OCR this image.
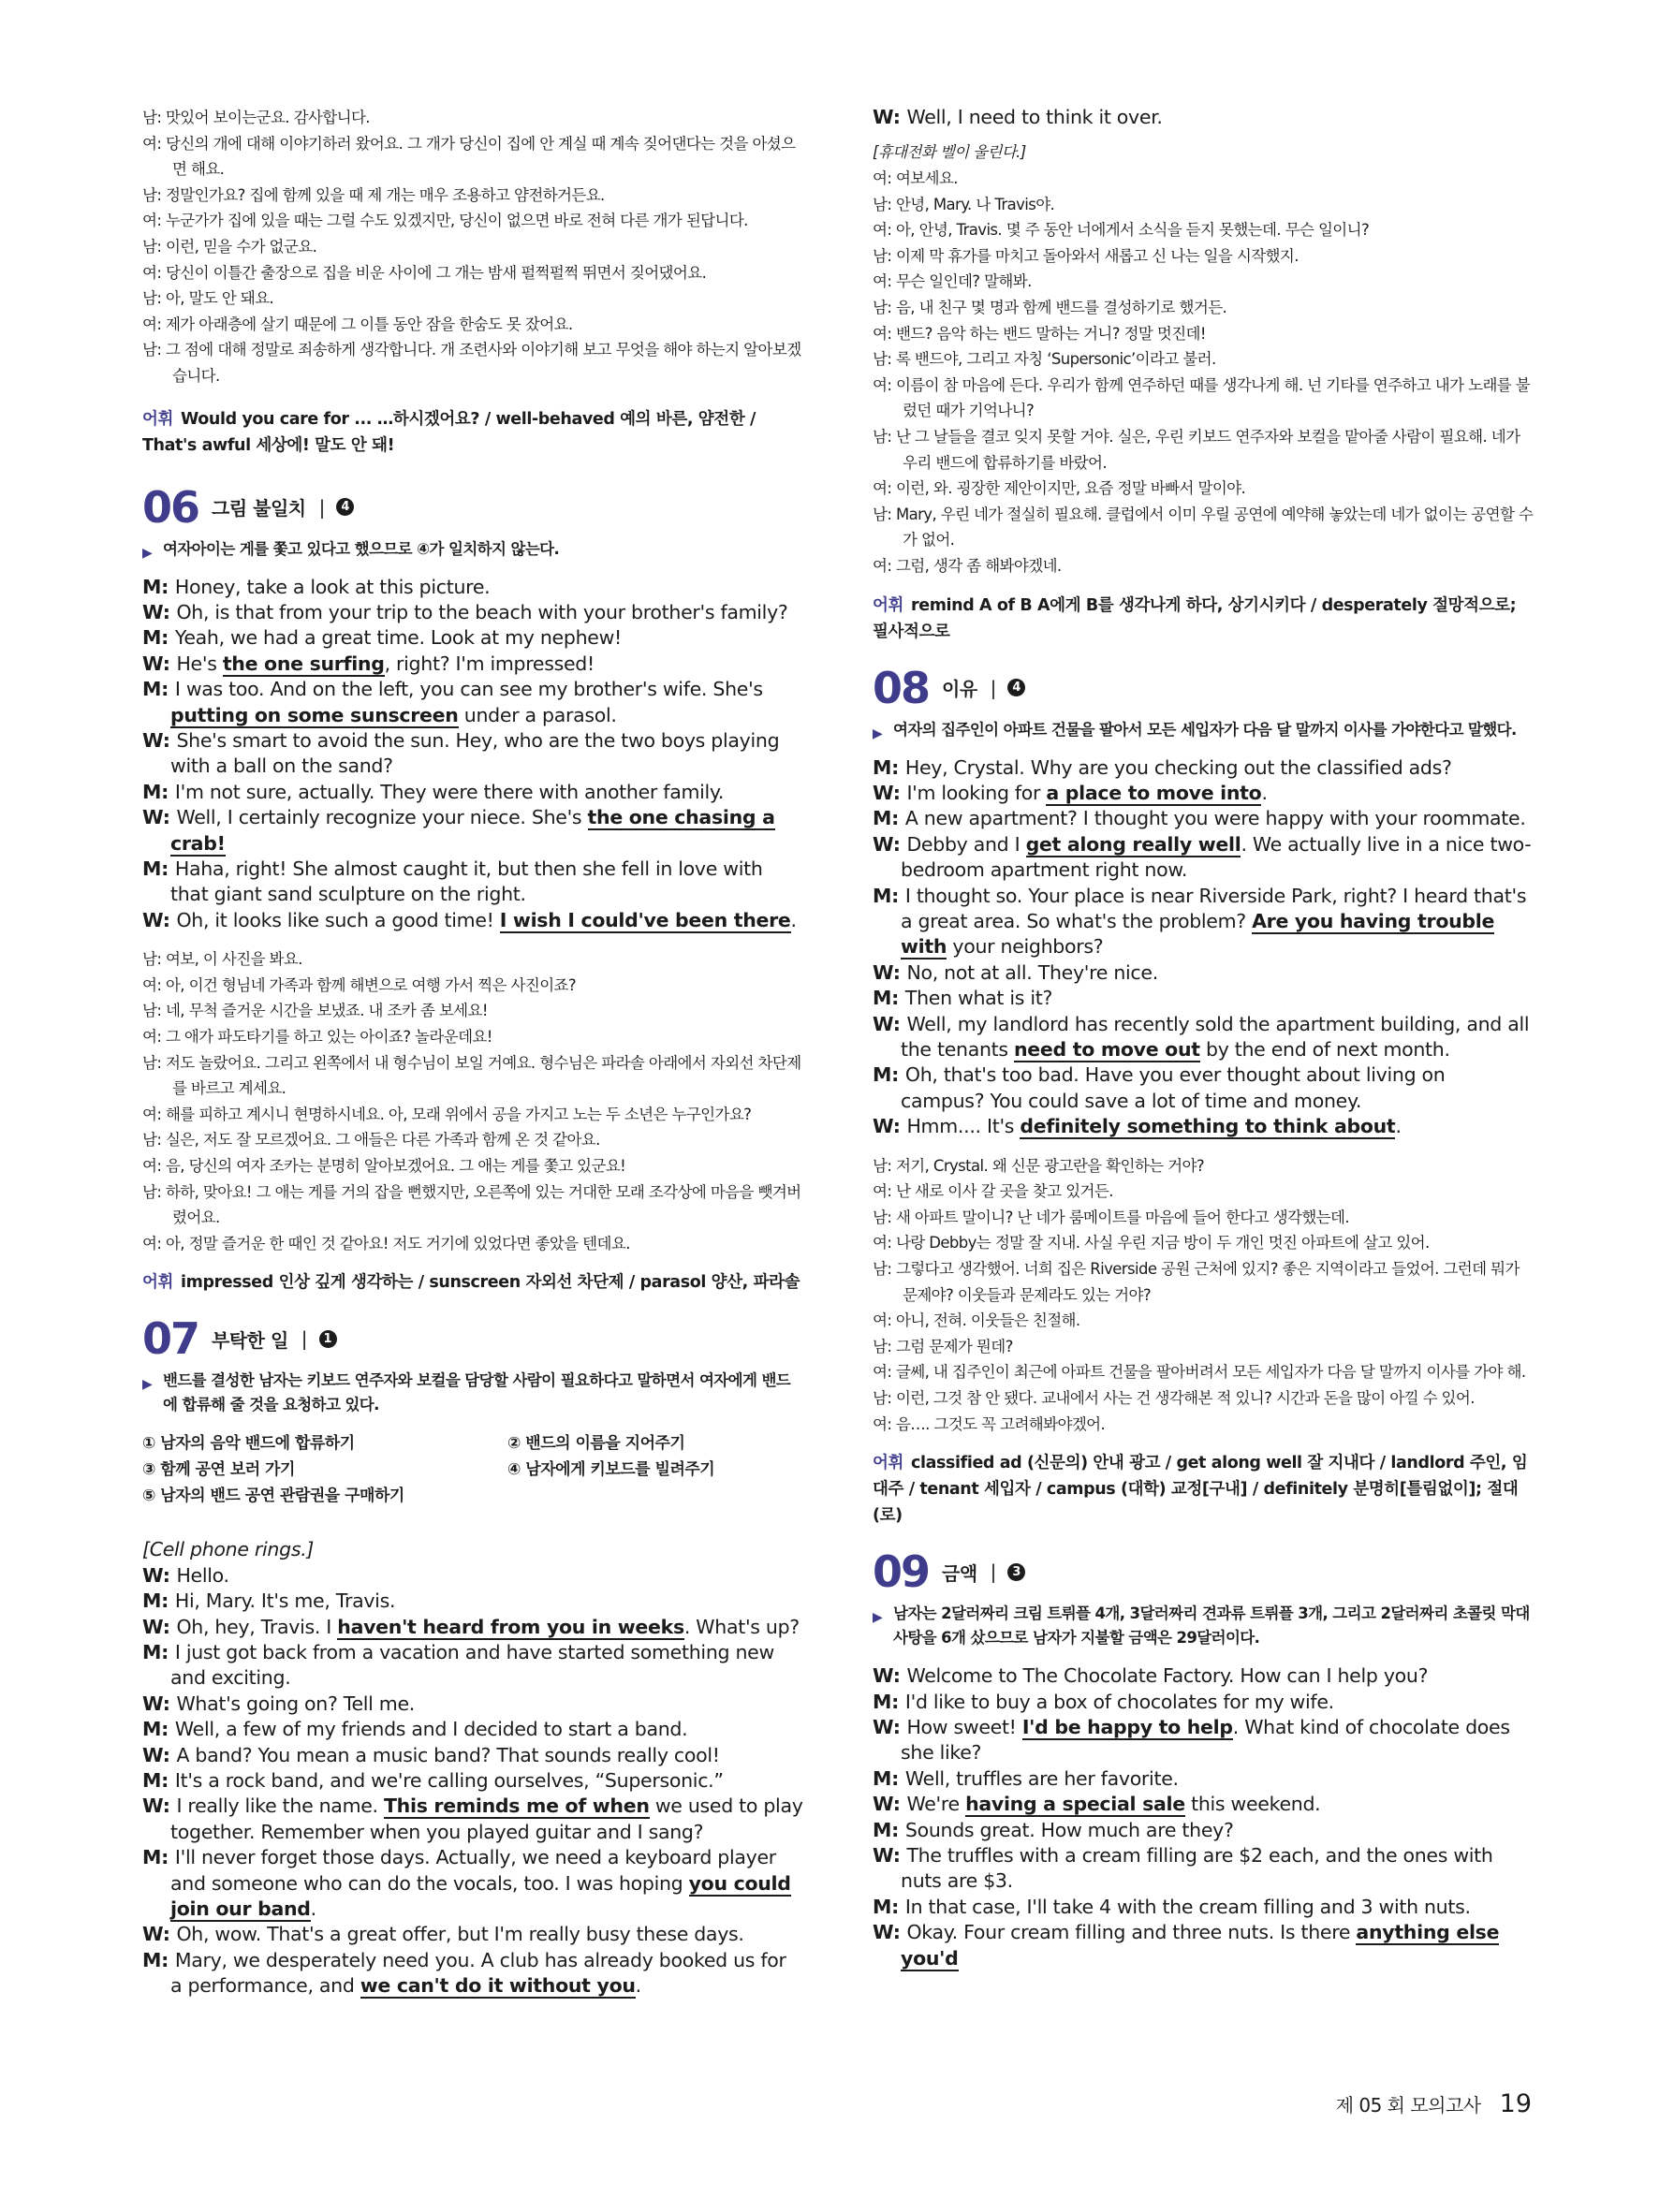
남: 맛있어 보이는군요. 감사합니다.
여: 당신의 개에 대해 이야기하러 왔어요. 그 개가 당신이 집에 안 계실 때 계속 짖어댄다는 것을 아셨으면 해요.
남: 정말인가요? 집에 함께 있을 때 제 개는 매우 조용하고 얌전하거든요.
여: 누군가가 집에 있을 때는 그럴 수도 있겠지만, 당신이 없으면 바로 전혀 다른 개가 된답니다.
남: 이런, 믿을 수가 없군요.
여: 당신이 이틀간 출장으로 집을 비운 사이에 그 개는 밤새 펄쩍펄쩍 뛰면서 짖어댔어요.
남: 아, 말도 안 돼요.
여: 제가 아래층에 살기 때문에 그 이틀 동안 잠을 한숨도 못 잤어요.
남: 그 점에 대해 정말로 죄송하게 생각합니다. 개 조련사와 이야기해 보고 무엇을 해야 하는지 알아보겠습니다.
어휘 Would you care for ... …하시겠어요? / well-behaved 예의 바른, 얌전한 / That's awful 세상에! 말도 안 돼!
06 그림 불일치 |	4
▶ 여자아이는 게를 쫓고 있다고 했으므로 ④가 일치하지 않는다.
M: Honey, take a look at this picture.
W: Oh, is that from your trip to the beach with your brother's family?
M: Yeah, we had a great time. Look at my nephew!
W: He's the one surfing, right? I'm impressed!
M: I was too. And on the left, you can see my brother's wife. She's putting on some sunscreen under a parasol.
W: She's smart to avoid the sun. Hey, who are the two boys playing with a ball on the sand?
M: I'm not sure, actually. They were there with another family.
W: Well, I certainly recognize your niece. She's the one chasing a crab!
M: Haha, right! She almost caught it, but then she fell in love with that giant sand sculpture on the right.
W: Oh, it looks like such a good time! I wish I could've been there.
남: 여보, 이 사진을 봐요.
여: 아, 이건 형님네 가족과 함께 해변으로 여행 가서 찍은 사진이죠?
남: 네, 무척 즐거운 시간을 보냈죠. 내 조카 좀 보세요!
여: 그 애가 파도타기를 하고 있는 아이죠? 놀라운데요!
남: 저도 놀랐어요. 그리고 왼쪽에서 내 형수님이 보일 거예요. 형수님은 파라솔 아래에서 자외선 차단제를 바르고 계세요.
여: 해를 피하고 계시니 현명하시네요. 아, 모래 위에서 공을 가지고 노는 두 소년은 누구인가요?
남: 실은, 저도 잘 모르겠어요. 그 애들은 다른 가족과 함께 온 것 같아요.
여: 음, 당신의 여자 조카는 분명히 알아보겠어요. 그 애는 게를 쫓고 있군요!
남: 하하, 맞아요! 그 애는 게를 거의 잡을 뻔했지만, 오른쪽에 있는 거대한 모래 조각상에 마음을 뺏겨버렸어요.
여: 아, 정말 즐거운 한 때인 것 같아요! 저도 거기에 있었다면 좋았을 텐데요.
어휘 impressed 인상 깊게 생각하는 / sunscreen 자외선 차단제 / parasol 양산, 파라솔
07 부탁한 일 |	1
▶ 밴드를 결성한 남자는 키보드 연주자와 보컬을 담당할 사람이 필요하다고 말하면서 여자에게 밴드에 합류해 줄 것을 요청하고 있다.
① 남자의 음악 밴드에 합류하기	② 밴드의 이름을 지어주기
③ 함께 공연 보러 가기	④ 남자에게 키보드를 빌려주기
⑤ 남자의 밴드 공연 관람권을 구매하기
[Cell phone rings.]
W: Hello.
M: Hi, Mary. It's me, Travis.
W: Oh, hey, Travis. I haven't heard from you in weeks. What's up?
M: I just got back from a vacation and have started something new and exciting.
W: What's going on? Tell me.
M: Well, a few of my friends and I decided to start a band.
W: A band? You mean a music band? That sounds really cool!
M: It's a rock band, and we're calling ourselves, “Supersonic.”
W: I really like the name. This reminds me of when we used to play together. Remember when you played guitar and I sang?
M: I'll never forget those days. Actually, we need a keyboard player and someone who can do the vocals, too. I was hoping you could join our band.
W: Oh, wow. That's a great offer, but I'm really busy these days.
M: Mary, we desperately need you. A club has already booked us for a performance, and we can't do it without you.
W: Well, I need to think it over.
[휴대전화 벨이 울린다.]
여: 여보세요.
남: 안녕, Mary. 나 Travis야.
여: 아, 안녕, Travis. 몇 주 동안 너에게서 소식을 듣지 못했는데. 무슨 일이니?
남: 이제 막 휴가를 마치고 돌아와서 새롭고 신 나는 일을 시작했지.
여: 무슨 일인데? 말해봐.
남: 음, 내 친구 몇 명과 함께 밴드를 결성하기로 했거든.
여: 밴드? 음악 하는 밴드 말하는 거니? 정말 멋진데!
남: 록 밴드야, 그리고 자칭 ‘Supersonic’이라고 불러.
여: 이름이 참 마음에 든다. 우리가 함께 연주하던 때를 생각나게 해. 넌 기타를 연주하고 내가 노래를 불렀던 때가 기억나니?
남: 난 그 날들을 결코 잊지 못할 거야. 실은, 우린 키보드 연주자와 보컬을 맡아줄 사람이 필요해. 네가 우리 밴드에 합류하기를 바랐어.
여: 이런, 와. 굉장한 제안이지만, 요즘 정말 바빠서 말이야.
남: Mary, 우린 네가 절실히 필요해. 클럽에서 이미 우릴 공연에 예약해 놓았는데 네가 없이는 공연할 수가 없어.
여: 그럼, 생각 좀 해봐야겠네.
어휘 remind A of B A에게 B를 생각나게 하다, 상기시키다 / desperately 절망적으로; 필사적으로
08 이유 |	4
▶ 여자의 집주인이 아파트 건물을 팔아서 모든 세입자가 다음 달 말까지 이사를 가야한다고 말했다.
M: Hey, Crystal. Why are you checking out the classified ads?
W: I'm looking for a place to move into.
M: A new apartment? I thought you were happy with your roommate.
W: Debby and I get along really well. We actually live in a nice two-bedroom apartment right now.
M: I thought so. Your place is near Riverside Park, right? I heard that's a great area. So what's the problem? Are you having trouble with your neighbors?
W: No, not at all. They're nice.
M: Then what is it?
W: Well, my landlord has recently sold the apartment building, and all the tenants need to move out by the end of next month.
M: Oh, that's too bad. Have you ever thought about living on campus? You could save a lot of time and money.
W: Hmm.... It's definitely something to think about.
남: 저기, Crystal. 왜 신문 광고란을 확인하는 거야?
여: 난 새로 이사 갈 곳을 찾고 있거든.
남: 새 아파트 말이니? 난 네가 룸메이트를 마음에 들어 한다고 생각했는데.
여: 나랑 Debby는 정말 잘 지내. 사실 우린 지금 방이 두 개인 멋진 아파트에 살고 있어.
남: 그렇다고 생각했어. 너희 집은 Riverside 공원 근처에 있지? 좋은 지역이라고 들었어. 그런데 뭐가 문제야? 이웃들과 문제라도 있는 거야?
여: 아니, 전혀. 이웃들은 친절해.
남: 그럼 문제가 뭔데?
여: 글쎄, 내 집주인이 최근에 아파트 건물을 팔아버려서 모든 세입자가 다음 달 말까지 이사를 가야 해.
남: 이런, 그것 참 안 됐다. 교내에서 사는 건 생각해본 적 있니? 시간과 돈을 많이 아낄 수 있어.
여: 음…. 그것도 꼭 고려해봐야겠어.
어휘 classified ad (신문의) 안내 광고 / get along well 잘 지내다 / landlord 주인, 임대주 / tenant 세입자 / campus (대학) 교정[구내] / definitely 분명히[틀림없이]; 절대(로)
09 금액 |	3
▶ 남자는 2달러짜리 크림 트뤼플 4개, 3달러짜리 견과류 트뤼플 3개, 그리고 2달러짜리 초콜릿 막대 사탕을 6개 샀으므로 남자가 지불할 금액은 29달러이다.
W: Welcome to The Chocolate Factory. How can I help you?
M: I'd like to buy a box of chocolates for my wife.
W: How sweet! I'd be happy to help. What kind of chocolate does she like?
M: Well, truffles are her favorite.
W: We're having a special sale this weekend.
M: Sounds great. How much are they?
W: The truffles with a cream filling are $2 each, and the ones with nuts are $3.
M: In that case, I'll take 4 with the cream filling and 3 with nuts.
W: Okay. Four cream filling and three nuts. Is there anything else you'd
제 05 회 모의고사 19
